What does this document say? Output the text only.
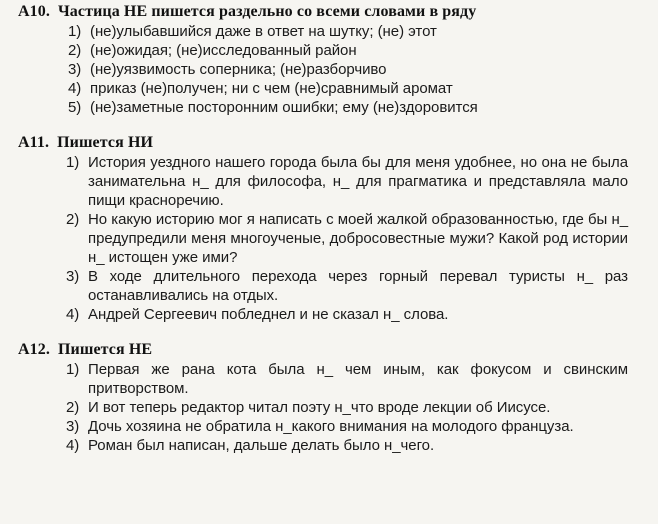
А10. Частица НЕ пишется раздельно со всеми словами в ряду
1) (не)улыбавшийся даже в ответ на шутку; (не) этот
2) (не)ожидая; (не)исследованный район
3) (не)уязвимость соперника; (не)разборчиво
4) приказ (не)получен; ни с чем (не)сравнимый аромат
5) (не)заметные посторонним ошибки; ему (не)здоровится
А11. Пишется НИ
1) История уездного нашего города была бы для меня удобнее, но она не была занимательна н_ для философа, н_ для прагматика и представляла мало пищи красноречию.
2) Но какую историю мог я написать с моей жалкой образованностью, где бы н_ предупредили меня многоученые, добросовестные мужи? Какой род истории н_ истощен уже ими?
3) В ходе длительного перехода через горный перевал туристы н_ раз останавливались на отдых.
4) Андрей Сергеевич побледнел и не сказал н_ слова.
А12. Пишется НЕ
1) Первая же рана кота была н_ чем иным, как фокусом и свинским притворством.
2) И вот теперь редактор читал поэту н_что вроде лекции об Иисусе.
3) Дочь хозяина не обратила н_какого внимания на молодого француза.
4) Роман был написан, дальше делать было н_чего.
